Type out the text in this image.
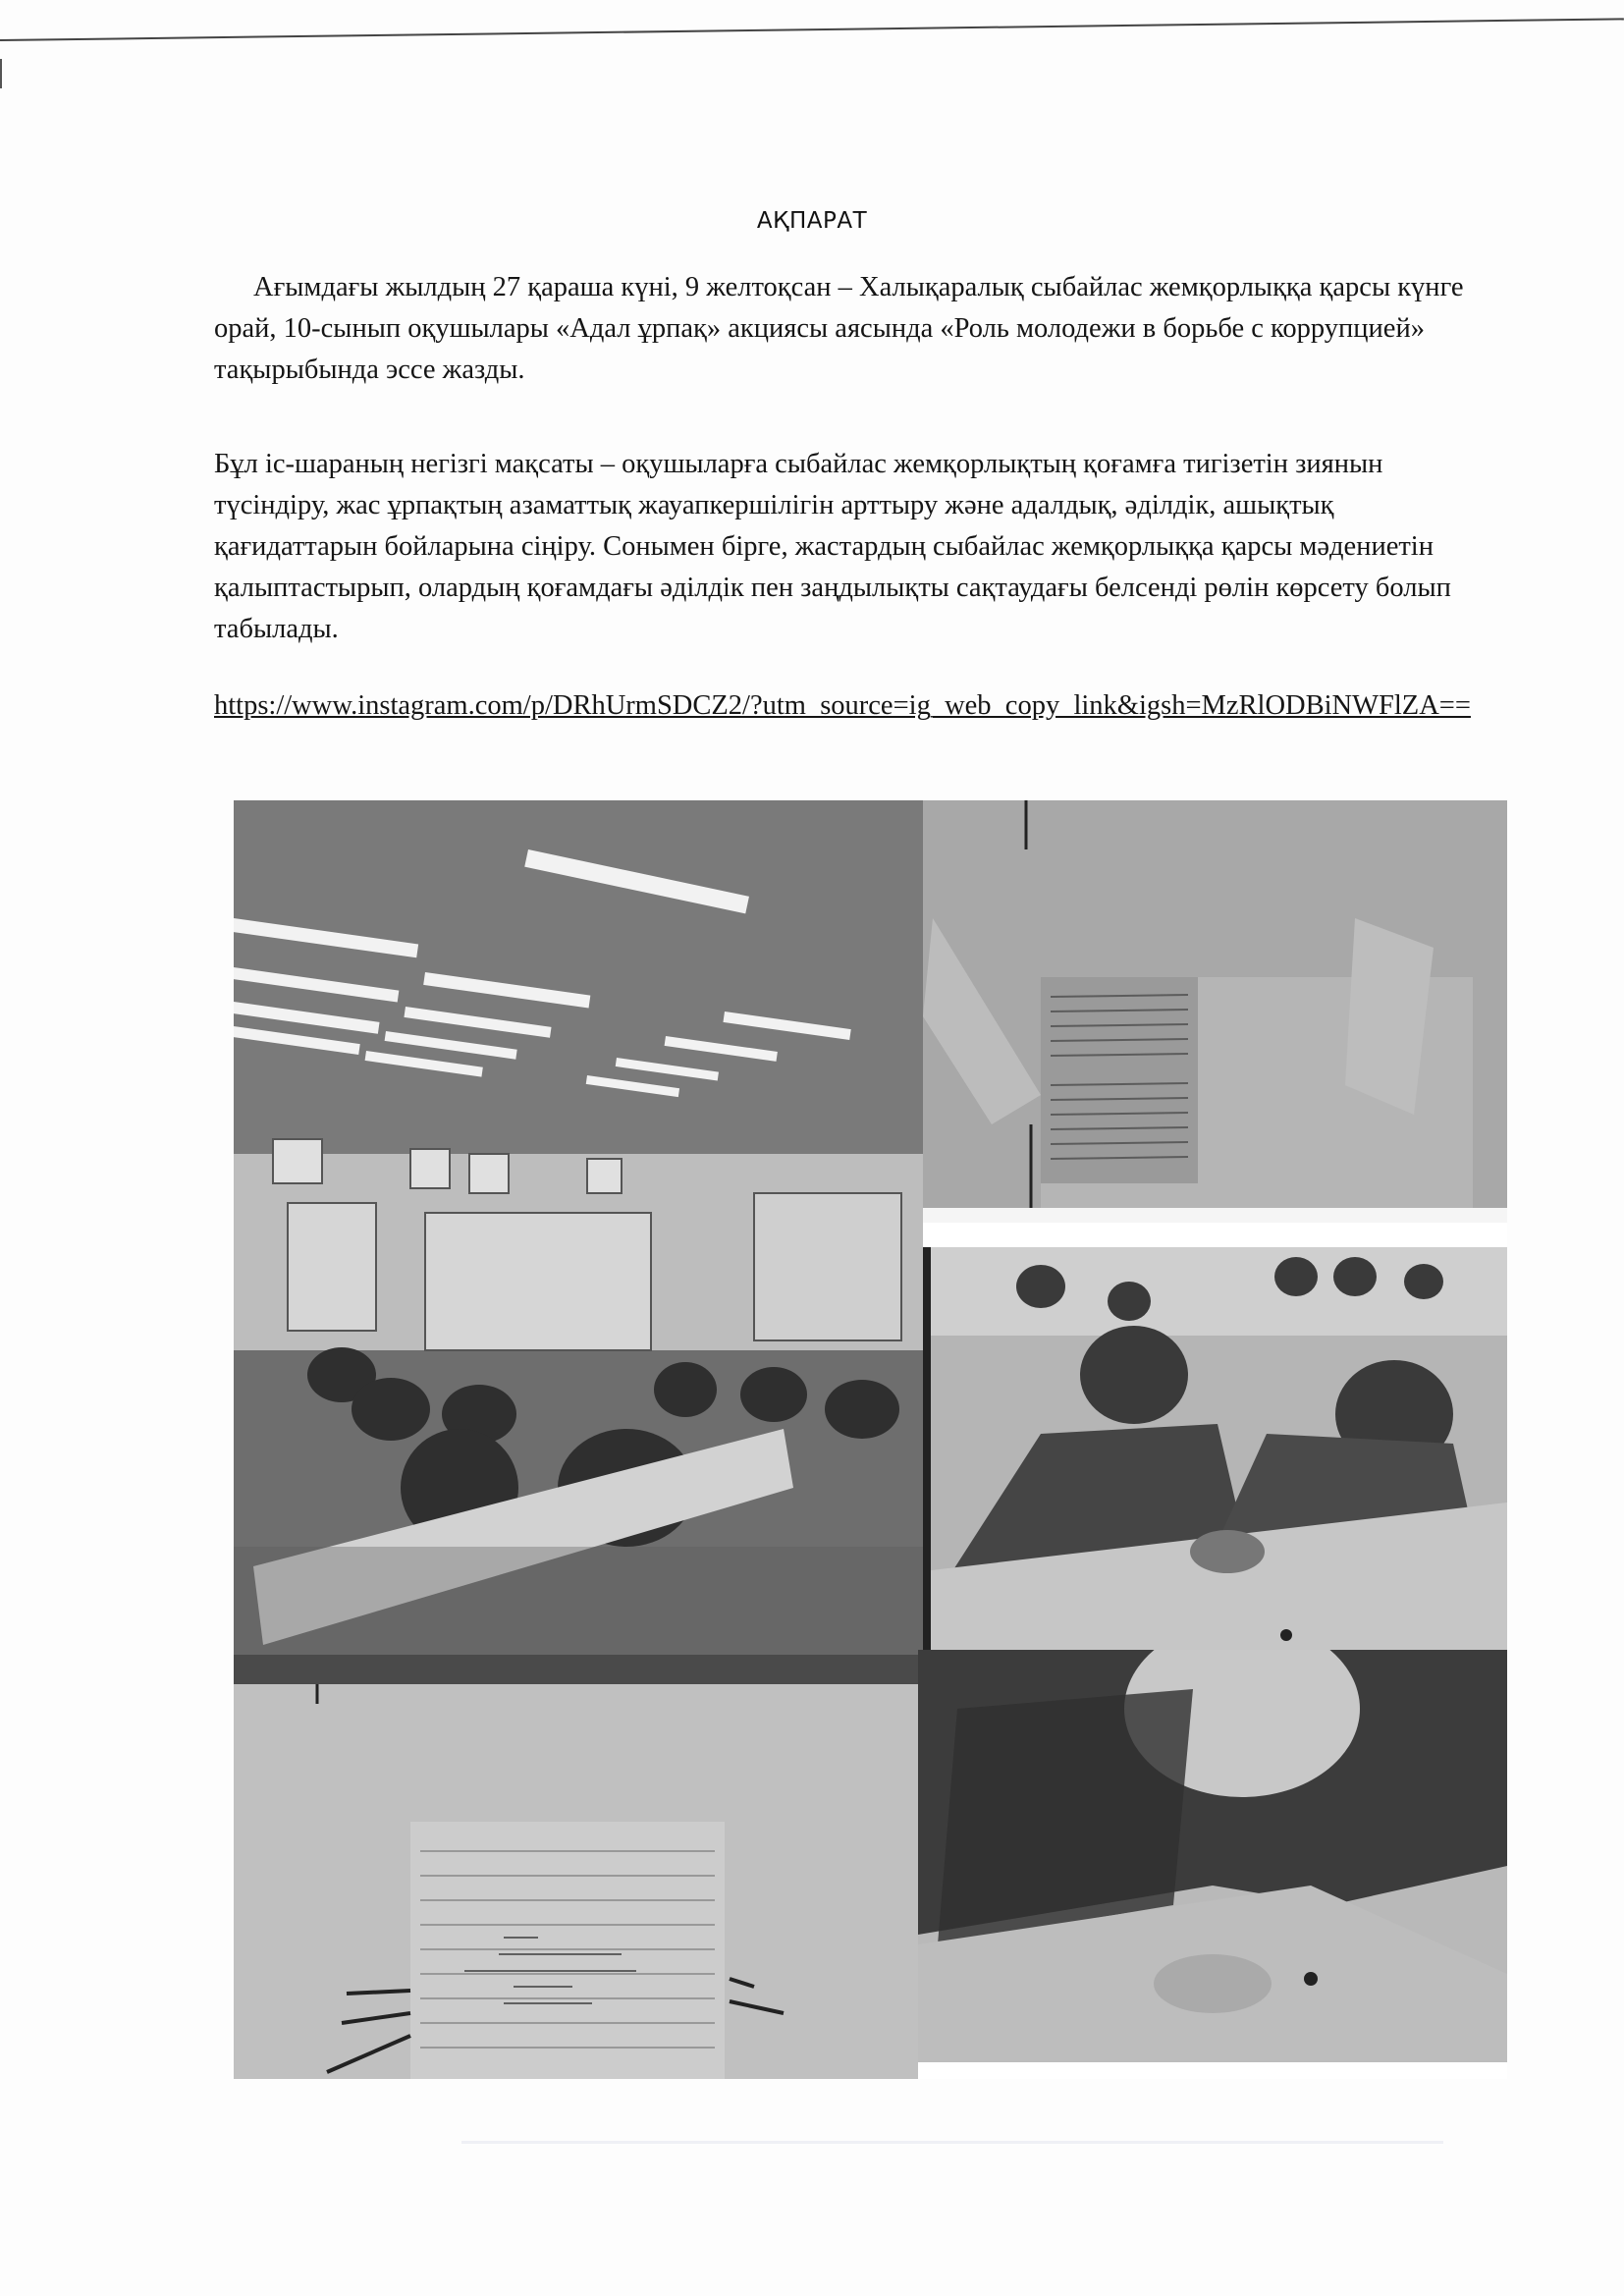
АҚПАРАТ
Ағымдағы жылдың 27 қараша күні, 9 желтоқсан – Халықаралық сыбайлас жемқорлыққа қарсы күнге орай, 10-сынып оқушылары «Адал ұрпақ» акциясы аясында «Роль молодежи в борьбе с коррупцией» тақырыбында эссе жазды.
Бұл іс-шараның негізгі мақсаты – оқушыларға сыбайлас жемқорлықтың қоғамға тигізетін зиянын түсіндіру, жас ұрпақтың азаматтық жауапкершілігін арттыру және адалдық, әділдік, ашықтық қағидаттарын бойларына сіңіру. Сонымен бірге, жастардың сыбайлас жемқорлыққа қарсы мәдениетін қалыптастырып, олардың қоғамдағы әділдік пен заңдылықты сақтаудағы белсенді рөлін көрсету болып табылады.
https://www.instagram.com/p/DRhUrmSDCZ2/?utm_source=ig_web_copy_link&igsh=MzRlODBiNWFlZA==
